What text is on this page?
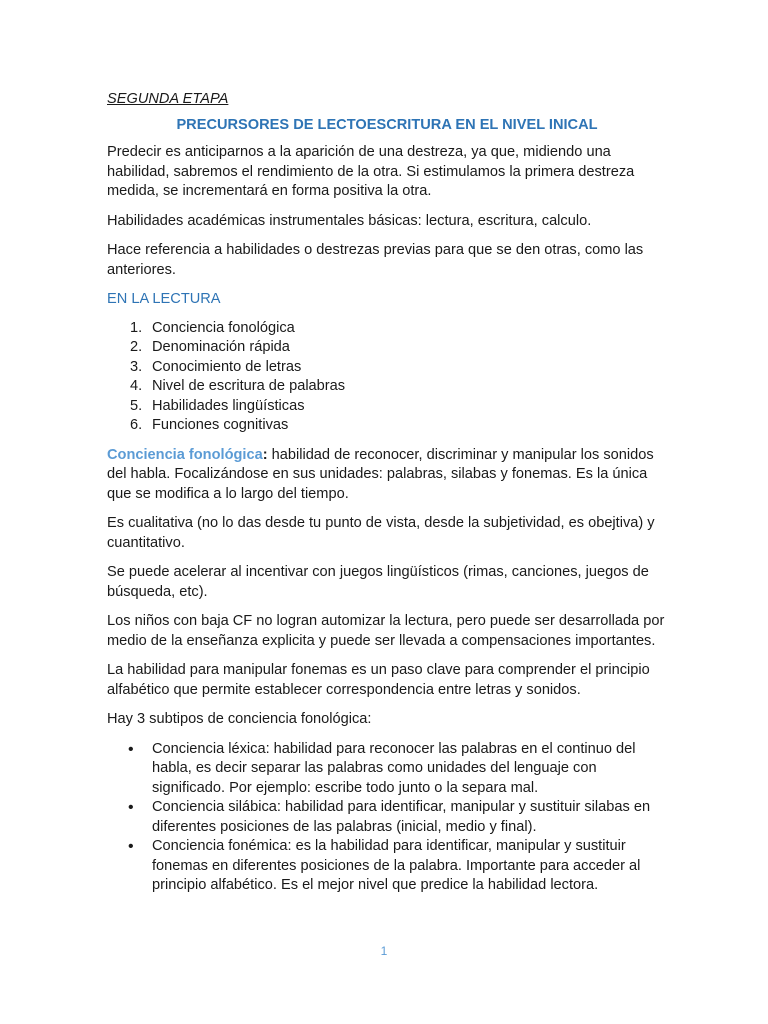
SEGUNDA ETAPA
PRECURSORES DE LECTOESCRITURA EN EL NIVEL INICAL

Predecir es anticiparnos a la aparición de una destreza, ya que, midiendo una habilidad, sabremos el rendimiento de la otra. Si estimulamos la primera destreza medida, se incrementará en forma positiva la otra.

Habilidades académicas instrumentales básicas: lectura, escritura, calculo.

Hace referencia a habilidades o destrezas previas para que se den otras, como las anteriores.

EN LA LECTURA
1. Conciencia fonológica
2. Denominación rápida
3. Conocimiento de letras
4. Nivel de escritura de palabras
5. Habilidades lingüísticas
6. Funciones cognitivas

Conciencia fonológica: habilidad de reconocer, discriminar y manipular los sonidos del habla. Focalizándose en sus unidades: palabras, silabas y fonemas. Es la única que se modifica a lo largo del tiempo.

Es cualitativa (no lo das desde tu punto de vista, desde la subjetividad, es obejtiva) y cuantitativo.

Se puede acelerar al incentivar con juegos lingüísticos (rimas, canciones, juegos de búsqueda, etc).

Los niños con baja CF no logran automizar la lectura, pero puede ser desarrollada por medio de la enseñanza explicita y puede ser llevada a compensaciones importantes.

La habilidad para manipular fonemas es un paso clave para comprender el principio alfabético que permite establecer correspondencia entre letras y sonidos.

Hay 3 subtipos de conciencia fonológica:

•
Conciencia léxica: habilidad para reconocer las palabras en el continuo del habla, es decir separar las palabras como unidades del lenguaje con significado. Por ejemplo: escribe todo junto o la separa mal.
•
Conciencia silábica: habilidad para identificar, manipular y sustituir silabas en diferentes posiciones de las palabras (inicial, medio y final).
•
Conciencia fonémica: es la habilidad para identificar, manipular y sustituir fonemas en diferentes posiciones de la palabra. Importante para acceder al principio alfabético. Es el mejor nivel que predice la habilidad lectora.
1
